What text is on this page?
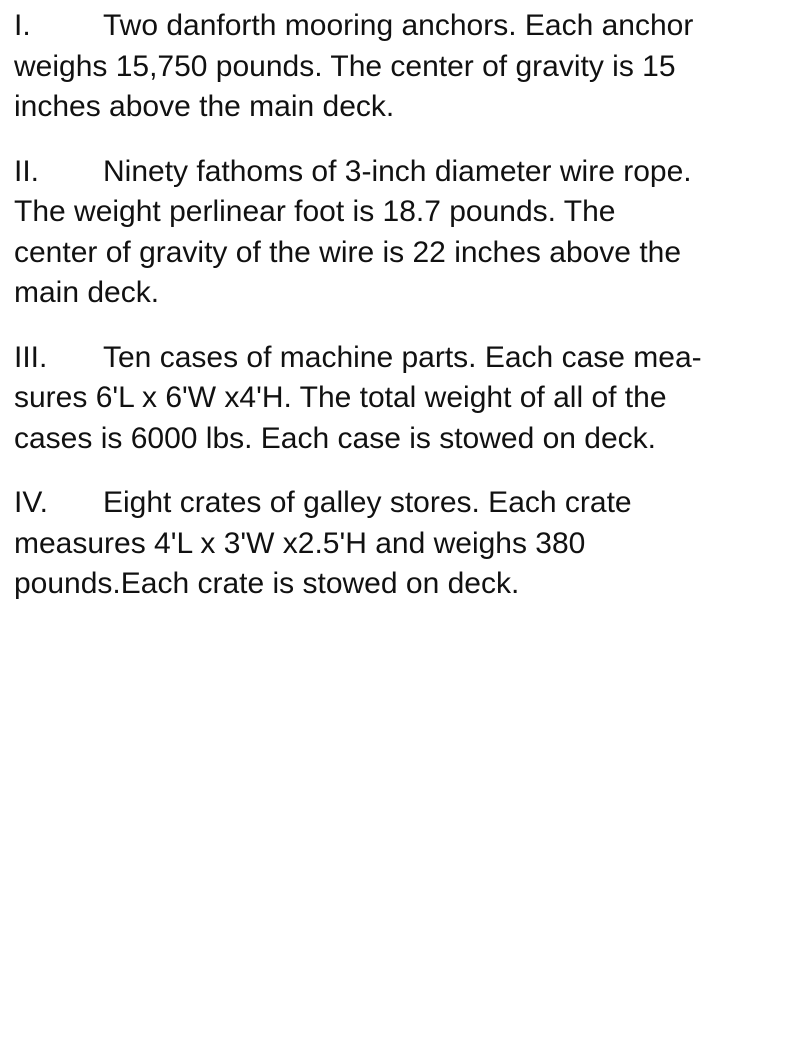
I. Two danforth mooring anchors. Each anchor

weighs 15,750 pounds. The center of gravity is 15

inches above the main deck.

II. Ninety fathoms of 3-inch diameter wire rope.

The weight perlinear foot is 18.7 pounds. The

center of gravity of the wire is 22 inches above the

main deck.

III. Ten cases of machine parts. Each case mea-

sures 6'L x 6'W x4'H. The total weight of all of the

cases is 6000 lbs. Each case is stowed on deck.

IV. Eight crates of galley stores. Each crate

measures 4'L x 3'W x2.5'H and weighs 380

pounds.Each crate is stowed on deck.
